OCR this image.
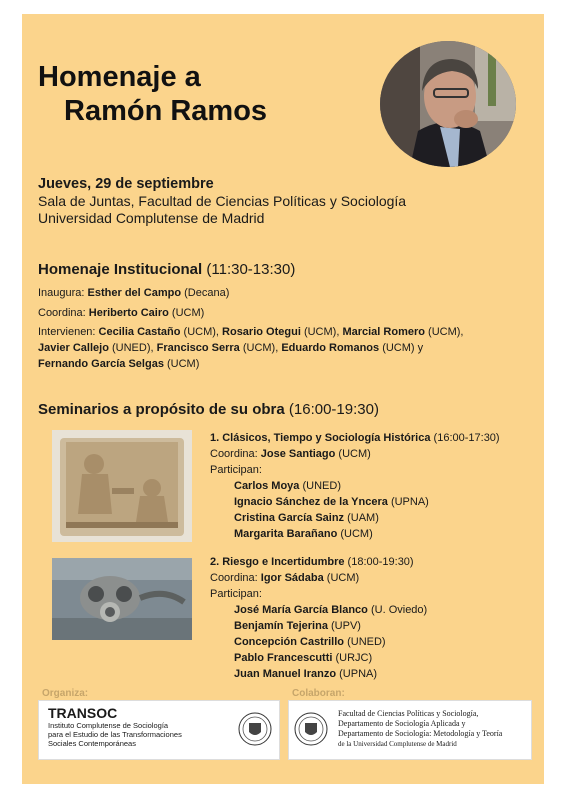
Homenaje a

Ramón Ramos
Jueves, 29 de septiembre
Sala de Juntas, Facultad de Ciencias Políticas y Sociología
Universidad Complutense de Madrid
Homenaje Institucional (11:30-13:30)
Inaugura: Esther del Campo (Decana)
Coordina: Heriberto Cairo (UCM)
Intervienen: Cecilia Castaño (UCM), Rosario Otegui (UCM), Marcial Romero (UCM),
Javier Callejo (UNED), Francisco Serra (UCM), Eduardo Romanos (UCM) y
Fernando García Selgas (UCM)
Seminarios a propósito de su obra (16:00-19:30)
1. Clásicos, Tiempo y Sociología Histórica (16:00-17:30)
Coordina: Jose Santiago (UCM)
Participan:
Carlos Moya (UNED)
Ignacio Sánchez de la Yncera (UPNA)
Cristina García Sainz (UAM)
Margarita Barañano (UCM)
2. Riesgo e Incertidumbre (18:00-19:30)
Coordina: Igor Sádaba (UCM)
Participan:
José María García Blanco (U. Oviedo)
Benjamín Tejerina (UPV)
Concepción Castrillo (UNED)
Pablo Francescutti (URJC)
Juan Manuel Iranzo (UPNA)
Organiza:	Colaboran:
TRANSOC
Instituto Complutense de Sociología
para el Estudio de las Transformaciones
Sociales Contemporáneas
Facultad de Ciencias Políticas y Sociología,
Departamento de Sociología Aplicada y
Departamento de Sociología: Metodología y Teoría
de la Universidad Complutense de Madrid
